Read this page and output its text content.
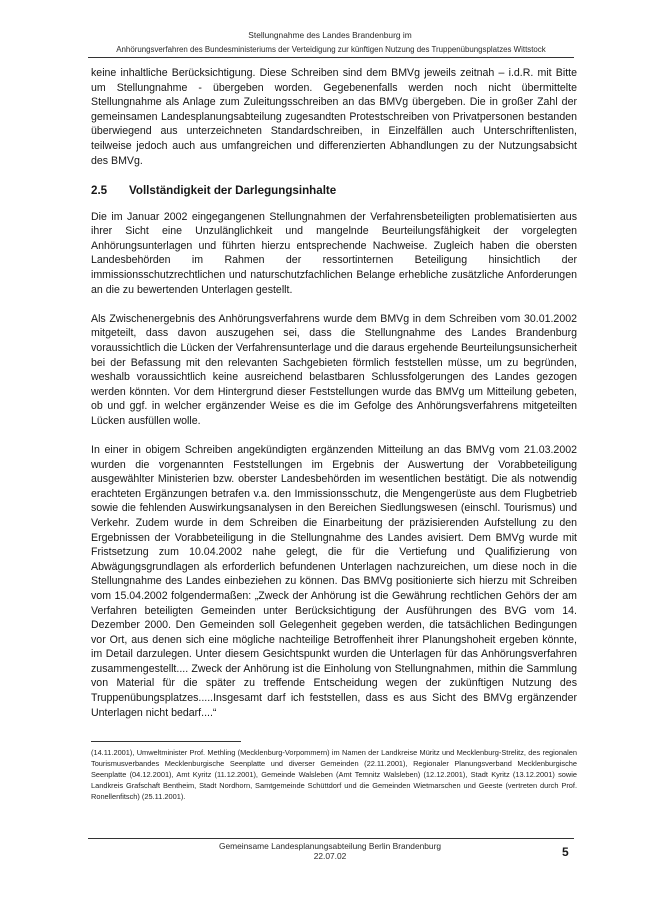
Stellungnahme des Landes Brandenburg im
Anhörungsverfahren des Bundesministeriums der Verteidigung zur künftigen Nutzung des Truppenübungsplatzes Wittstock

keine inhaltliche Berücksichtigung. Diese Schreiben sind dem BMVg jeweils zeitnah – i.d.R. mit Bitte um Stellungnahme - übergeben worden. Gegebenenfalls werden noch nicht übermittelte Stellungnahme als Anlage zum Zuleitungsschreiben an das BMVg übergeben. Die in großer Zahl der gemeinsamen Landesplanungsabteilung zugesandten Protestschreiben von Privatpersonen bestanden überwiegend aus unterzeichneten Standardschreiben, in Einzelfällen auch Unterschriftenlisten, teilweise jedoch auch aus umfangreichen und differenzierten Abhandlungen zu der Nutzungsabsicht des BMVg.

2.5 Vollständigkeit der Darlegungsinhalte

Die im Januar 2002 eingegangenen Stellungnahmen der Verfahrensbeteiligten problematisierten aus ihrer Sicht eine Unzulänglichkeit und mangelnde Beurteilungsfähigkeit der vorgelegten Anhörungsunterlagen und führten hierzu entsprechende Nachweise. Zugleich haben die obersten Landesbehörden im Rahmen der ressortinternen Beteiligung hinsichtlich der immissionsschutzrechtlichen und naturschutzfachlichen Belange erhebliche zusätzliche Anforderungen an die zu bewertenden Unterlagen gestellt.

Als Zwischenergebnis des Anhörungsverfahrens wurde dem BMVg in dem Schreiben vom 30.01.2002 mitgeteilt, dass davon auszugehen sei, dass die Stellungnahme des Landes Brandenburg voraussichtlich die Lücken der Verfahrensunterlage und die daraus ergehende Beurteilungsunsicherheit bei der Befassung mit den relevanten Sachgebieten förmlich feststellen müsse, um zu begründen, weshalb voraussichtlich keine ausreichend belastbaren Schlussfolgerungen des Landes gezogen werden könnten. Vor dem Hintergrund dieser Feststellungen wurde das BMVg um Mitteilung gebeten, ob und ggf. in welcher ergänzender Weise es die im Gefolge des Anhörungsverfahrens mitgeteilten Lücken ausfüllen wolle.

In einer in obigem Schreiben angekündigten ergänzenden Mitteilung an das BMVg vom 21.03.2002 wurden die vorgenannten Feststellungen im Ergebnis der Auswertung der Vorabbeteiligung ausgewählter Ministerien bzw. oberster Landesbehörden im wesentlichen bestätigt. Die als notwendig erachteten Ergänzungen betrafen v.a. den Immissionsschutz, die Mengengerüste aus dem Flugbetrieb sowie die fehlenden Auswirkungsanalysen in den Bereichen Siedlungswesen (einschl. Tourismus) und Verkehr. Zudem wurde in dem Schreiben die Einarbeitung der präzisierenden Aufstellung zu den Ergebnissen der Vorabbeteiligung in die Stellungnahme des Landes avisiert. Dem BMVg wurde mit Fristsetzung zum 10.04.2002 nahe gelegt, die für die Vertiefung und Qualifizierung von Abwägungsgrundlagen als erforderlich befundenen Unterlagen nachzureichen, um diese noch in die Stellungnahme des Landes einbeziehen zu können. Das BMVg positionierte sich hierzu mit Schreiben vom 15.04.2002 folgendermaßen: „Zweck der Anhörung ist die Gewährung rechtlichen Gehörs der am Verfahren beteiligten Gemeinden unter Berücksichtigung der Ausführungen des BVG vom 14. Dezember 2000. Den Gemeinden soll Gelegenheit gegeben werden, die tatsächlichen Bedingungen vor Ort, aus denen sich eine mögliche nachteilige Betroffenheit ihrer Planungshoheit ergeben könnte, im Detail darzulegen. Unter diesem Gesichtspunkt wurden die Unterlagen für das Anhörungsverfahren zusammengestellt.... Zweck der Anhörung ist die Einholung von Stellungnahmen, mithin die Sammlung von Material für die später zu treffende Entscheidung wegen der zukünftigen Nutzung des Truppenübungsplatzes.....Insgesamt darf ich feststellen, dass es aus Sicht des BMVg ergänzender Unterlagen nicht bedarf....“

(14.11.2001), Umweltminister Prof. Methling (Mecklenburg-Vorpommern) im Namen der Landkreise Müritz und Mecklenburg-Strelitz, des regionalen Tourismusverbandes Mecklenburgische Seenplatte und diverser Gemeinden (22.11.2001), Regionaler Planungsverband Mecklenburgische Seenplatte (04.12.2001), Amt Kyritz (11.12.2001), Gemeinde Walsleben (Amt Temnitz Walsleben) (12.12.2001), Stadt Kyritz (13.12.2001) sowie Landkreis Grafschaft Bentheim, Stadt Nordhorn, Samtgemeinde Schüttdorf und die Gemeinden Wietmarschen und Geeste (vertreten durch Prof. Ronellenfitsch) (25.11.2001).
Gemeinsame Landesplanungsabteilung Berlin Brandenburg
22.07.02	5
